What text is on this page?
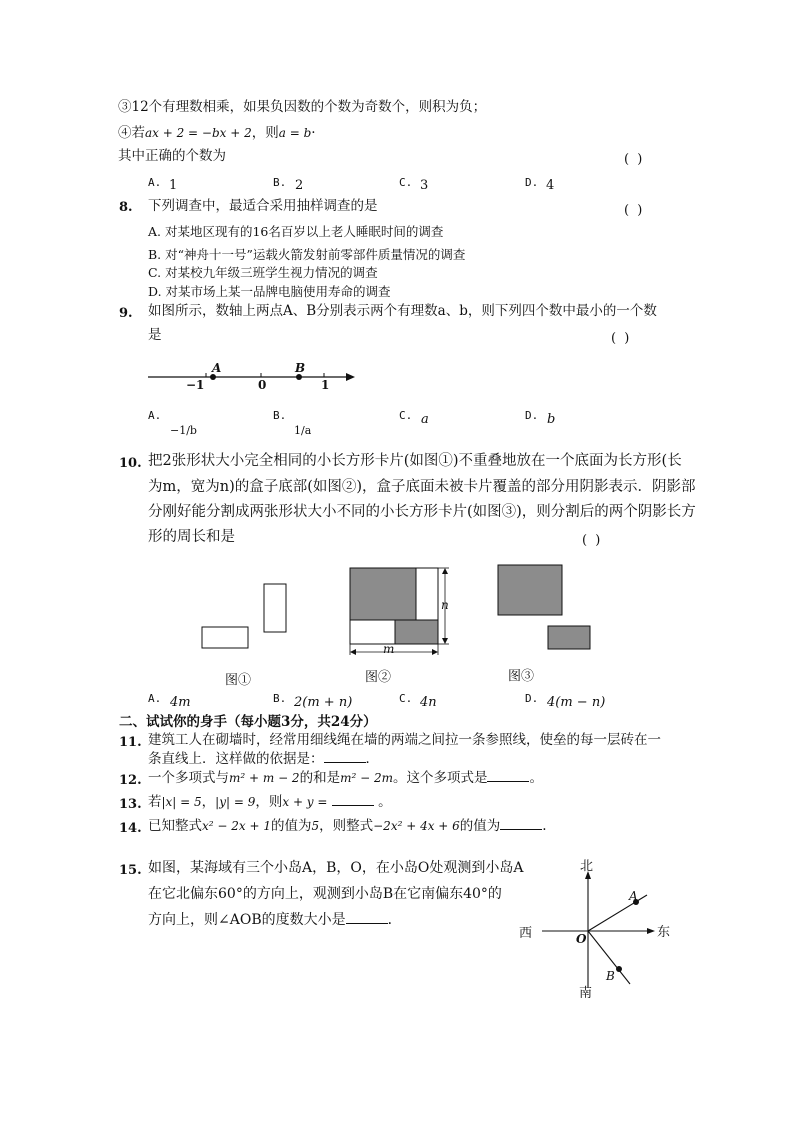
③12个有理数相乘，如果负因数的个数为奇数个，则积为负；
④若ax + 2 = −bx + 2，则a = b·
其中正确的个数为	( )
A. 1	B. 2	C. 3	D. 4
8. 下列调查中，最适合采用抽样调查的是	( )
A. 对某地区现有的16名百岁以上老人睡眠时间的调查
B. 对“神舟十一号”运载火箭发射前零部件质量情况的调查
C. 对某校九年级三班学生视力情况的调查
D. 对某市场上某一品牌电脑使用寿命的调查
9. 如图所示，数轴上两点A、B分别表示两个有理数a、b，则下列四个数中最小的一个数
是	( )
−1	0	1
A	B
A.
−1/b
B.
1/a
C. a	D. b
10. 把2张形状大小完全相同的小长方形卡片(如图①)不重叠地放在一个底面为长方形(长
为m，宽为n)的盒子底部(如图②)，盒子底面未被卡片覆盖的部分用阴影表示．阴影部
分刚好能分割成两张形状大小不同的小长方形卡片(如图③)，则分割后的两个阴影长方
形的周长和是	( )
n
m
图①	图②	图③
A. 4m	B. 2(m + n)	C. 4n	D. 4(m − n)
二、试试你的身手（每小题3分，共24分）
11. 建筑工人在砌墙时，经常用细线绳在墙的两端之间拉一条参照线，使垒的每一层砖在一
条直线上．这样做的依据是：	．
12. 一个多项式与m² + m − 2的和是m² − 2m。这个多项式是	。
13. 若|x| = 5，|y| = 9，则x + y =	。
14. 已知整式x² − 2x + 1的值为5，则整式−2x² + 4x + 6的值为	.
15. 如图，某海域有三个小岛A，B，O，在小岛O处观测到小岛A
在它北偏东60°的方向上，观测到小岛B在它南偏东40°的
方向上，则∠AOB的度数大小是	．
北
南
西	东
O
A
B
